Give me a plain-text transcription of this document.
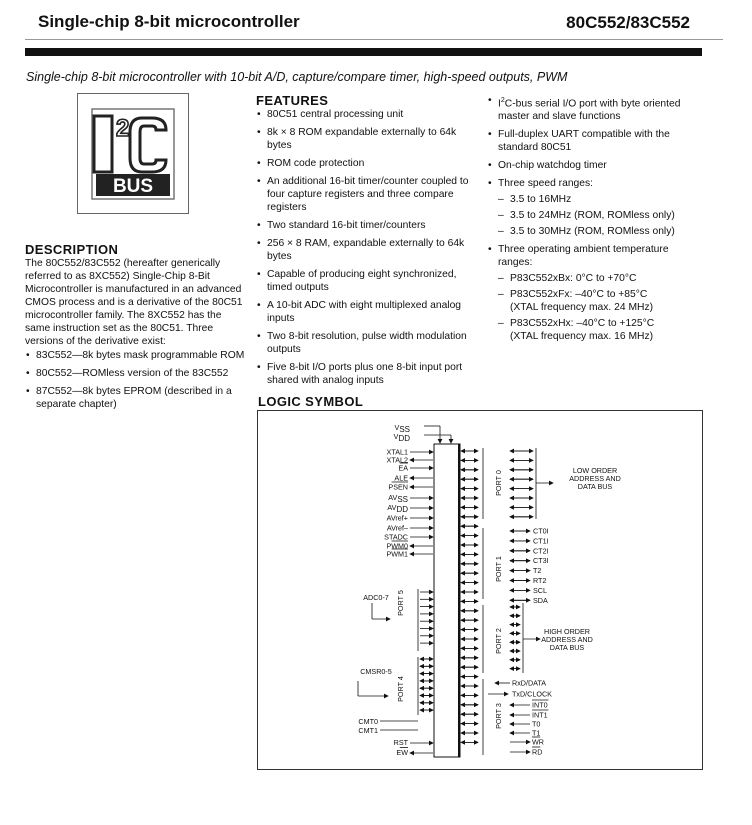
Single-chip 8-bit microcontroller	80C552/83C552
Single-chip 8-bit microcontroller with 10-bit A/D, capture/compare timer, high-speed outputs, PWM
2
BUS
DESCRIPTION

The 80C552/83C552 (hereafter generically referred to as 8XC552) Single-Chip 8-Bit Microcontroller is manufactured in an advanced CMOS process and is a derivative of the 80C51 microcontroller family. The 8XC552 has the same instruction set as the 80C51. Three versions of the derivative exist:

• 83C552—8k bytes mask programmable ROM
• 80C552—ROMless version of the 83C552
• 87C552—8k bytes EPROM (described in a separate chapter)
FEATURES
• 80C51 central processing unit
• 8k × 8 ROM expandable externally to 64k bytes
• ROM code protection
• An additional 16-bit timer/counter coupled to four capture registers and three compare registers
• Two standard 16-bit timer/counters
• 256 × 8 RAM, expandable externally to 64k bytes
• Capable of producing eight synchronized, timed outputs
• A 10-bit ADC with eight multiplexed analog inputs
• Two 8-bit resolution, pulse width modulation outputs
• Five 8-bit I/O ports plus one 8-bit input port shared with analog inputs
• $I^2C$-bus serial I/O port with byte oriented master and slave functions
• Full-duplex UART compatible with the standard 80C51
• On-chip watchdog timer
• Three speed ranges:
– 3.5 to 16MHz
– 3.5 to 24MHz (ROM, ROMless only)
– 3.5 to 30MHz (ROM, ROMless only)
• Three operating ambient temperature ranges:
– P83C552xBx: 0°C to +70°C
– P83C552xFx: –40°C to +85°C
(XTAL frequency max. 24 MHz)
– P83C552xHx: –40°C to +125°C
(XTAL frequency max. 16 MHz)
LOGIC SYMBOL
VSS
VDD
XTAL1
XTAL2
EA
ALE
PSEN
AVSS
AVDD
AVref+
AVref–
STADC
PWM0
PWM1
PORT 5
ADC0-7
PORT 4
CMSR0-5
CMT0
CMT1
RST
EW
PORT 0	LOW ORDER
ADDRESS AND
DATA BUS
PORT 1
CT0I
CT1I
CT2I
CT3I
T2
RT2
SCL
SDA
PORT 2	HIGH ORDER
ADDRESS AND
DATA BUS
PORT 3
RxD/DATA
TxD/CLOCK
INT0
INT1
T0
T1
WR
RD
